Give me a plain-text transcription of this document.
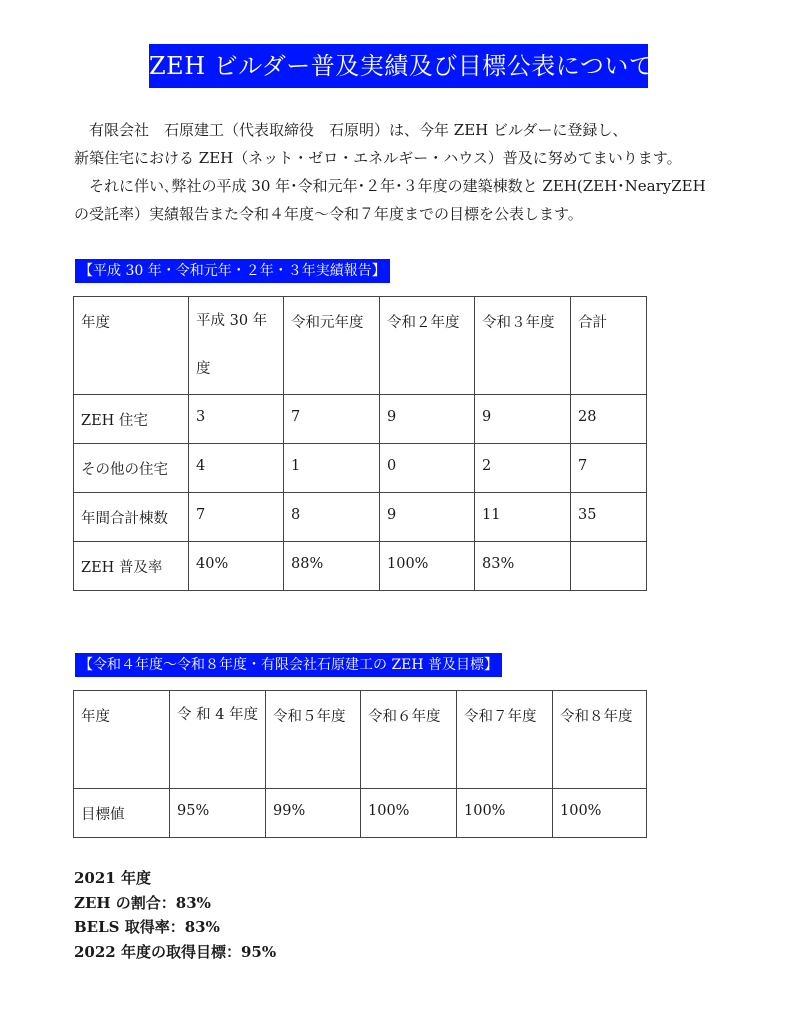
ZEH ビルダー普及実績及び目標公表について

　有限会社　石原建工（代表取締役　石原明）は、今年 ZEH ビルダーに登録し、

新築住宅における ZEH（ネット・ゼロ・エネルギー・ハウス）普及に努めてまいります。

　それに伴い､弊社の平成 30 年･令和元年･２年･３年度の建築棟数と ZEH(ZEH･NearyZEH

の受託率）実績報告また令和４年度～令和７年度までの目標を公表します。

【平成 30 年・令和元年・２年・３年実績報告】
年度	平成 30 年度	令和元年度	令和２年度	令和３年度	合計
ZEH 住宅	3	7	9	9	28
その他の住宅	4	1	0	2	7
年間合計棟数	7	8	9	11	35
ZEH 普及率	40%	88%	100%	83%	
【令和４年度～令和８年度・有限会社石原建工の ZEH 普及目標】
年度	令 和 4 年度	令和５年度	令和６年度	令和７年度	令和８年度
目標値	95%	99%	100%	100%	100%
2021 年度
ZEH の割合：83%
BELS 取得率：83%
2022 年度の取得目標：95%
